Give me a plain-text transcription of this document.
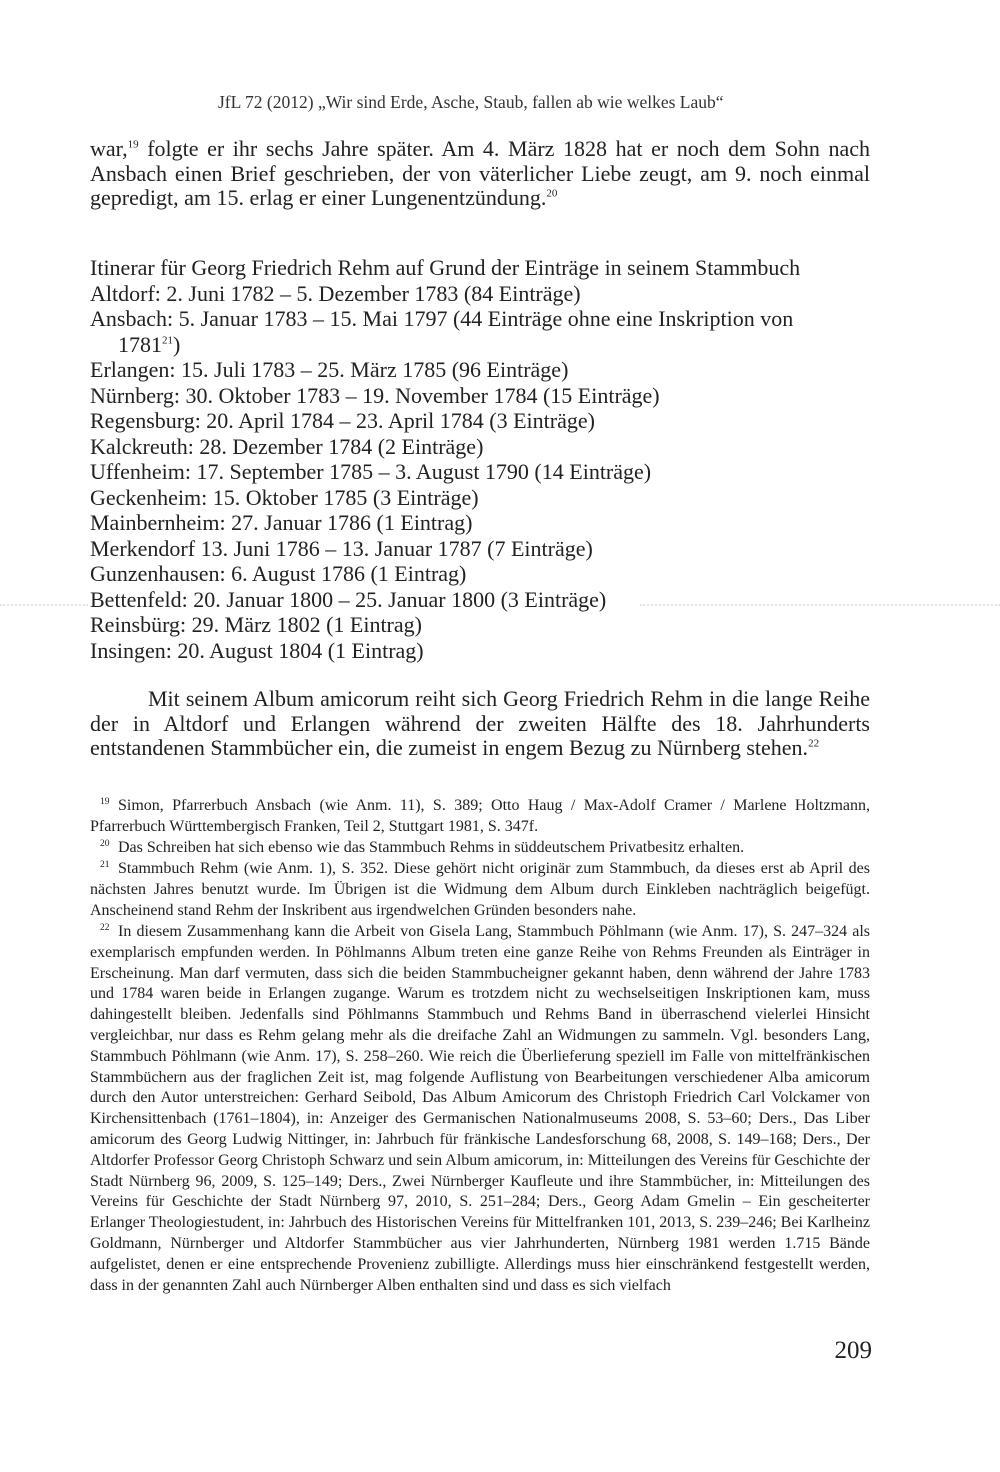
JfL 72 (2012) „Wir sind Erde, Asche, Staub, fallen ab wie welkes Laub“
war,$^{19}$ folgte er ihr sechs Jahre später. Am 4. März 1828 hat er noch dem Sohn nach Ansbach einen Brief geschrieben, der von väterlicher Liebe zeugt, am 9. noch einmal gepredigt, am 15. erlag er einer Lungenentzündung.$^{20}$
Itinerar für Georg Friedrich Rehm auf Grund der Einträge in seinem Stammbuch
Altdorf: 2. Juni 1782 – 5. Dezember 1783 (84 Einträge)
Ansbach: 5. Januar 1783 – 15. Mai 1797 (44 Einträge ohne eine Inskription von
1781$^{21}$)
Erlangen: 15. Juli 1783 – 25. März 1785 (96 Einträge)
Nürnberg: 30. Oktober 1783 – 19. November 1784 (15 Einträge)
Regensburg: 20. April 1784 – 23. April 1784 (3 Einträge)
Kalckreuth: 28. Dezember 1784 (2 Einträge)
Uffenheim: 17. September 1785 – 3. August 1790 (14 Einträge)
Geckenheim: 15. Oktober 1785 (3 Einträge)
Mainbernheim: 27. Januar 1786 (1 Eintrag)
Merkendorf 13. Juni 1786 – 13. Januar 1787 (7 Einträge)
Gunzenhausen: 6. August 1786 (1 Eintrag)
Bettenfeld: 20. Januar 1800 – 25. Januar 1800 (3 Einträge)
Reinsbürg: 29. März 1802 (1 Eintrag)
Insingen: 20. August 1804 (1 Eintrag)
Mit seinem Album amicorum reiht sich Georg Friedrich Rehm in die lange Reihe der in Altdorf und Erlangen während der zweiten Hälfte des 18. Jahrhunderts entstandenen Stammbücher ein, die zumeist in engem Bezug zu Nürnberg stehen.$^{22}$
19 Simon, Pfarrerbuch Ansbach (wie Anm. 11), S. 389; Otto Haug / Max-Adolf Cramer / Marlene Holtzmann, Pfarrerbuch Württembergisch Franken, Teil 2, Stuttgart 1981, S. 347f.
20 Das Schreiben hat sich ebenso wie das Stammbuch Rehms in süddeutschem Privatbesitz erhalten.
21 Stammbuch Rehm (wie Anm. 1), S. 352. Diese gehört nicht originär zum Stammbuch, da dieses erst ab April des nächsten Jahres benutzt wurde. Im Übrigen ist die Widmung dem Album durch Einkleben nachträglich beigefügt. Anscheinend stand Rehm der Inskribent aus irgendwelchen Gründen besonders nahe.
22 In diesem Zusammenhang kann die Arbeit von Gisela Lang, Stammbuch Pöhlmann (wie Anm. 17), S. 247–324 als exemplarisch empfunden werden. In Pöhlmanns Album treten eine ganze Reihe von Rehms Freunden als Einträger in Erscheinung. Man darf vermuten, dass sich die beiden Stammbucheigner gekannt haben, denn während der Jahre 1783 und 1784 waren beide in Erlangen zugange. Warum es trotzdem nicht zu wechselseitigen Inskriptionen kam, muss dahingestellt bleiben. Jedenfalls sind Pöhlmanns Stammbuch und Rehms Band in überraschend vielerlei Hinsicht vergleichbar, nur dass es Rehm gelang mehr als die dreifache Zahl an Widmungen zu sammeln. Vgl. besonders Lang, Stammbuch Pöhlmann (wie Anm. 17), S. 258–260. Wie reich die Überlieferung speziell im Falle von mittelfränkischen Stammbüchern aus der fraglichen Zeit ist, mag folgende Auflistung von Bearbeitungen verschiedener Alba amicorum durch den Autor unterstreichen: Gerhard Seibold, Das Album Amicorum des Christoph Friedrich Carl Volckamer von Kirchensittenbach (1761–1804), in: Anzeiger des Germanischen Nationalmuseums 2008, S. 53–60; Ders., Das Liber amicorum des Georg Ludwig Nittinger, in: Jahrbuch für fränkische Landesforschung 68, 2008, S. 149–168; Ders., Der Altdorfer Professor Georg Christoph Schwarz und sein Album amicorum, in: Mitteilungen des Vereins für Geschichte der Stadt Nürnberg 96, 2009, S. 125–149; Ders., Zwei Nürnberger Kaufleute und ihre Stammbücher, in: Mitteilungen des Vereins für Geschichte der Stadt Nürnberg 97, 2010, S. 251–284; Ders., Georg Adam Gmelin – Ein gescheiterter Erlanger Theologiestudent, in: Jahrbuch des Historischen Vereins für Mittelfranken 101, 2013, S. 239–246; Bei Karlheinz Goldmann, Nürnberger und Altdorfer Stammbücher aus vier Jahrhunderten, Nürnberg 1981 werden 1.715 Bände aufgelistet, denen er eine entsprechende Provenienz zubilligte. Allerdings muss hier einschränkend festgestellt werden, dass in der genannten Zahl auch Nürnberger Alben enthalten sind und dass es sich vielfach
209
